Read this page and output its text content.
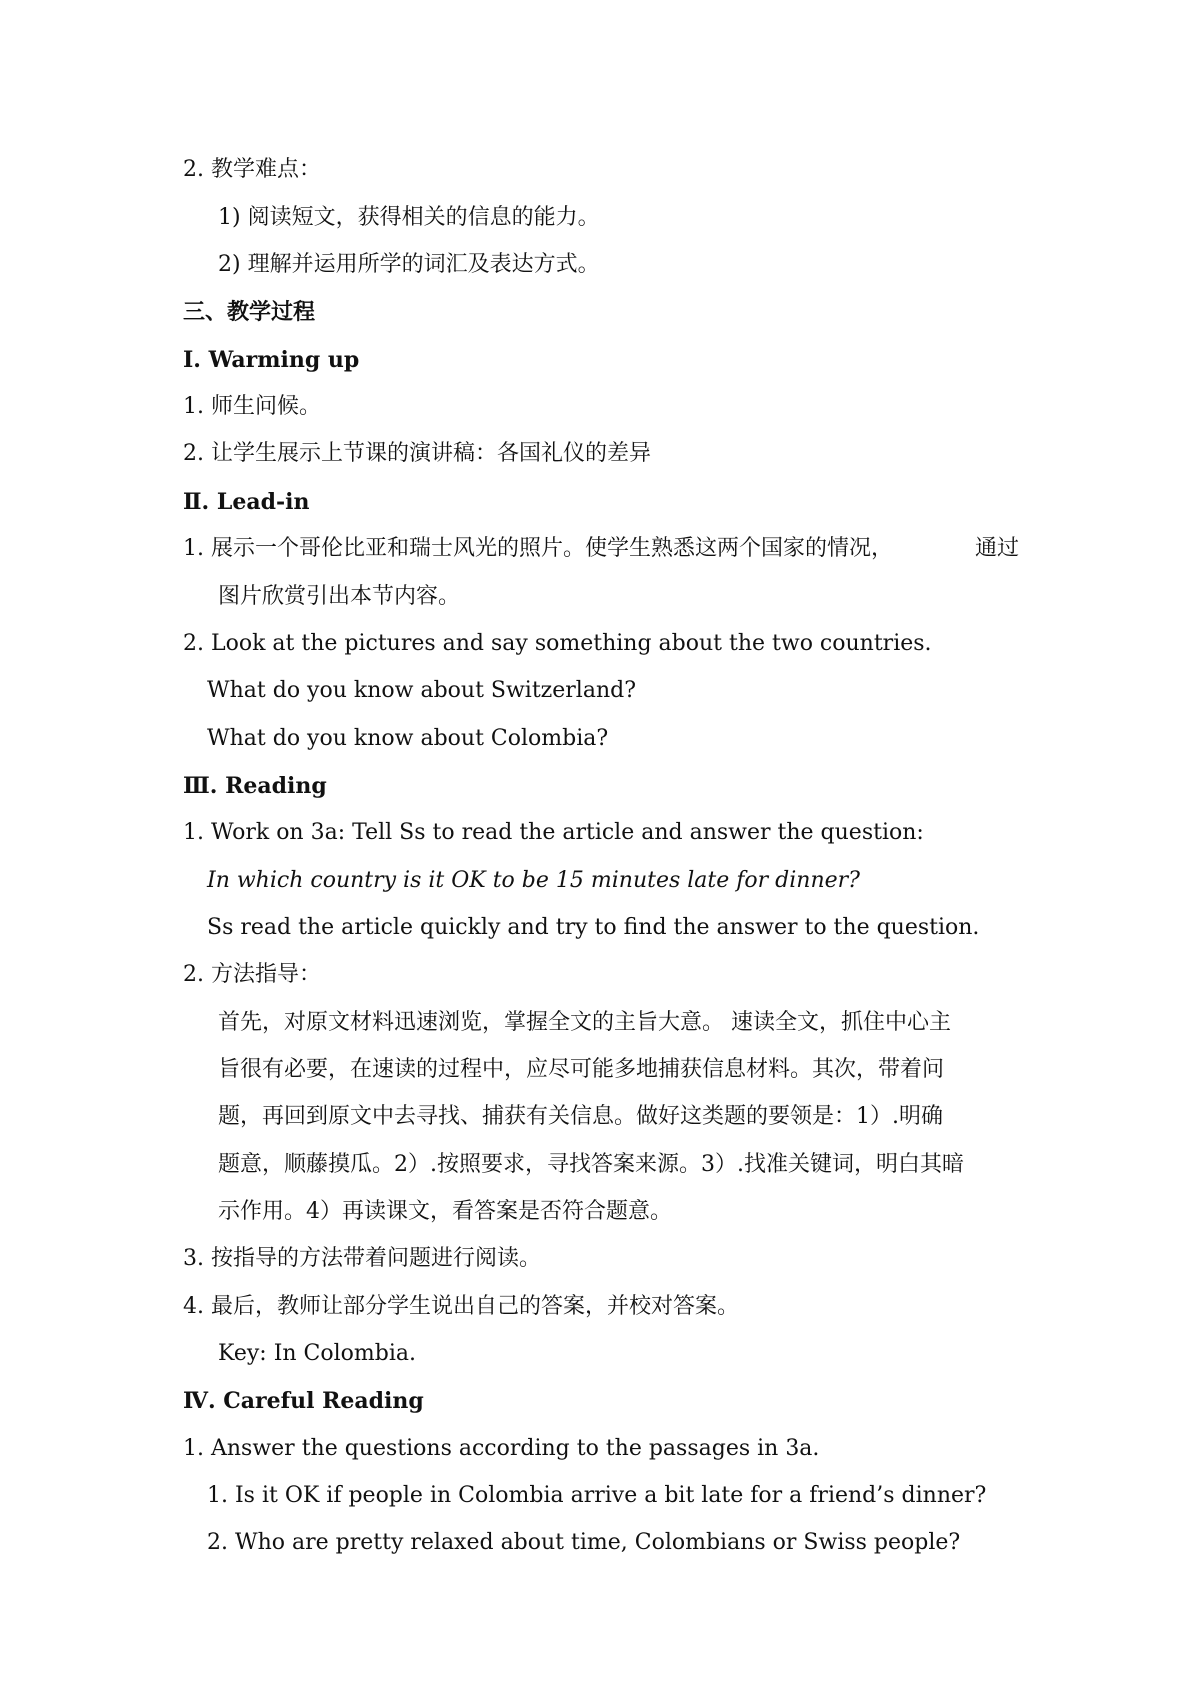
2. 教学难点：
1) 阅读短文，获得相关的信息的能力。
2) 理解并运用所学的词汇及表达方式。
三、教学过程
Ⅰ. Warming up
1. 师生问候。
2. 让学生展示上节课的演讲稿：各国礼仪的差异
Ⅱ. Lead-in
1. 展示一个哥伦比亚和瑞士风光的照片。使学生熟悉这两个国家的情况，	通过
图片欣赏引出本节内容。
2. Look at the pictures and say something about the two countries.
What do you know about Switzerland?
What do you know about Colombia?
Ⅲ. Reading
1. Work on 3a: Tell Ss to read the article and answer the question:
In which country is it OK to be 15 minutes late for dinner?
Ss read the article quickly and try to find the answer to the question.
2. 方法指导：
首先，对原文材料迅速浏览，掌握全文的主旨大意。 速读全文，抓住中心主
旨很有必要，在速读的过程中，应尽可能多地捕获信息材料。其次，带着问
题，再回到原文中去寻找、捕获有关信息。做好这类题的要领是：1）.明确
题意，顺藤摸瓜。2）.按照要求，寻找答案来源。3）.找准关键词，明白其暗
示作用。4）再读课文，看答案是否符合题意。
3. 按指导的方法带着问题进行阅读。
4. 最后，教师让部分学生说出自己的答案，并校对答案。
Key: In Colombia.
Ⅳ. Careful Reading
1. Answer the questions according to the passages in 3a.
1. Is it OK if people in Colombia arrive a bit late for a friend’s dinner?
2. Who are pretty relaxed about time, Colombians or Swiss people?
